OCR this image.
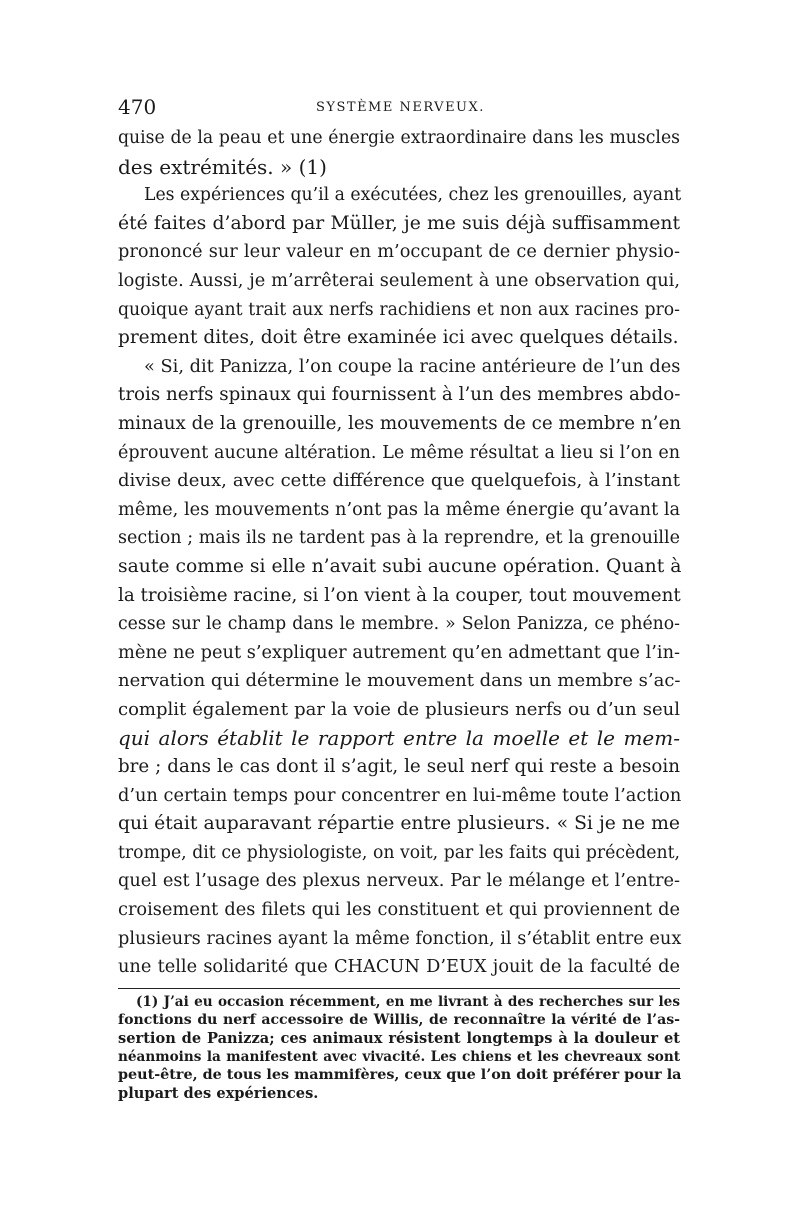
470	SYSTÈME NERVEUX.
quise de la peau et une énergie extraordinaire dans les muscles
des extrémités. » (1)
Les expériences qu’il a exécutées, chez les grenouilles, ayant
été faites d’abord par Müller, je me suis déjà suffisamment
prononcé sur leur valeur en m’occupant de ce dernier physio-
logiste. Aussi, je m’arrêterai seulement à une observation qui,
quoique ayant trait aux nerfs rachidiens et non aux racines pro-
prement dites, doit être examinée ici avec quelques détails.
« Si, dit Panizza, l’on coupe la racine antérieure de l’un des
trois nerfs spinaux qui fournissent à l’un des membres abdo-
minaux de la grenouille, les mouvements de ce membre n’en
éprouvent aucune altération. Le même résultat a lieu si l’on en
divise deux, avec cette différence que quelquefois, à l’instant
même, les mouvements n’ont pas la même énergie qu’avant la
section ; mais ils ne tardent pas à la reprendre, et la grenouille
saute comme si elle n’avait subi aucune opération. Quant à
la troisième racine, si l’on vient à la couper, tout mouvement
cesse sur le champ dans le membre. » Selon Panizza, ce phéno-
mène ne peut s’expliquer autrement qu’en admettant que l’in-
nervation qui détermine le mouvement dans un membre s’ac-
complit également par la voie de plusieurs nerfs ou d’un seul
qui alors établit le rapport entre la moelle et le mem-
bre ; dans le cas dont il s’agit, le seul nerf qui reste a besoin
d’un certain temps pour concentrer en lui-même toute l’action
qui était auparavant répartie entre plusieurs. « Si je ne me
trompe, dit ce physiologiste, on voit, par les faits qui précèdent,
quel est l’usage des plexus nerveux. Par le mélange et l’entre-
croisement des filets qui les constituent et qui proviennent de
plusieurs racines ayant la même fonction, il s’établit entre eux
une telle solidarité que CHACUN D’EUX jouit de la faculté de
(1) J’ai eu occasion récemment, en me livrant à des recherches sur les
fonctions du nerf accessoire de Willis, de reconnaître la vérité de l’as-
sertion de Panizza; ces animaux résistent longtemps à la douleur et
néanmoins la manifestent avec vivacité. Les chiens et les chevreaux sont
peut-être, de tous les mammifères, ceux que l’on doit préférer pour la
plupart des expériences.
